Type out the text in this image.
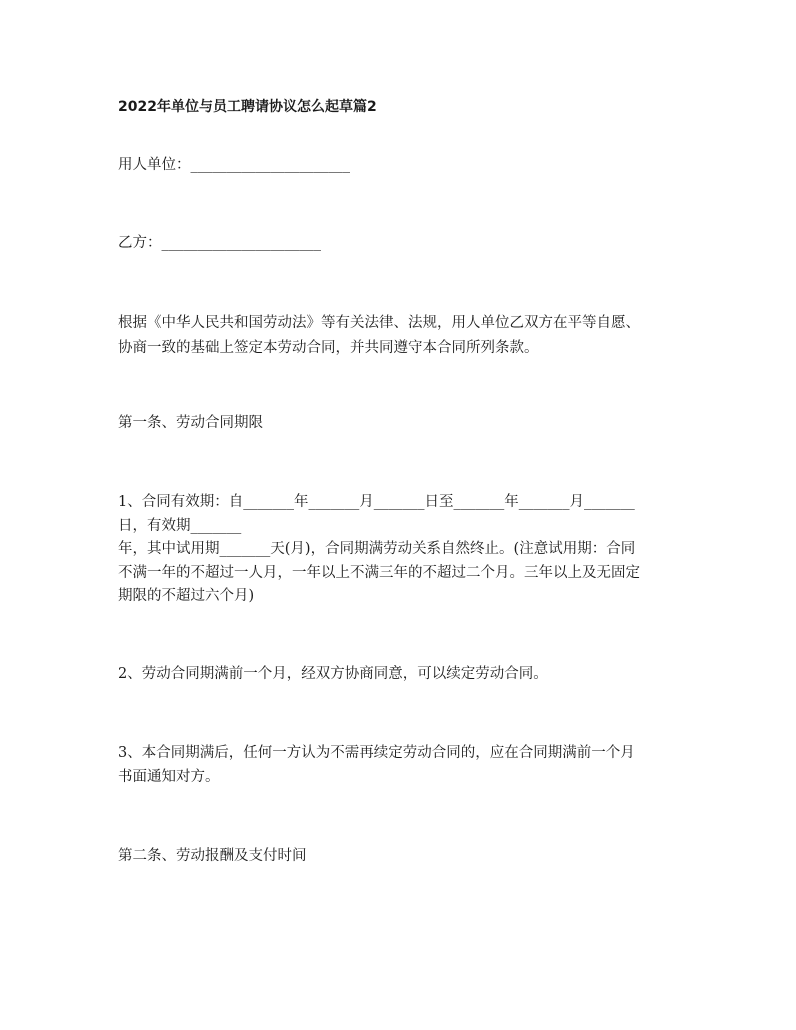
2022年单位与员工聘请协议怎么起草篇2

用人单位：______________________

乙方：______________________

根据《中华人民共和国劳动法》等有关法律、法规，用人单位乙双方在平等自愿、

协商一致的基础上签定本劳动合同，并共同遵守本合同所列条款。

第一条、劳动合同期限

1、合同有效期：自_______年_______月_______日至_______年_______月_______

日，有效期_______

年，其中试用期_______天(月)，合同期满劳动关系自然终止。(注意试用期：合同

不满一年的不超过一人月，一年以上不满三年的不超过二个月。三年以上及无固定

期限的不超过六个月)

2、劳动合同期满前一个月，经双方协商同意，可以续定劳动合同。

3、本合同期满后，任何一方认为不需再续定劳动合同的，应在合同期满前一个月

书面通知对方。

第二条、劳动报酬及支付时间
